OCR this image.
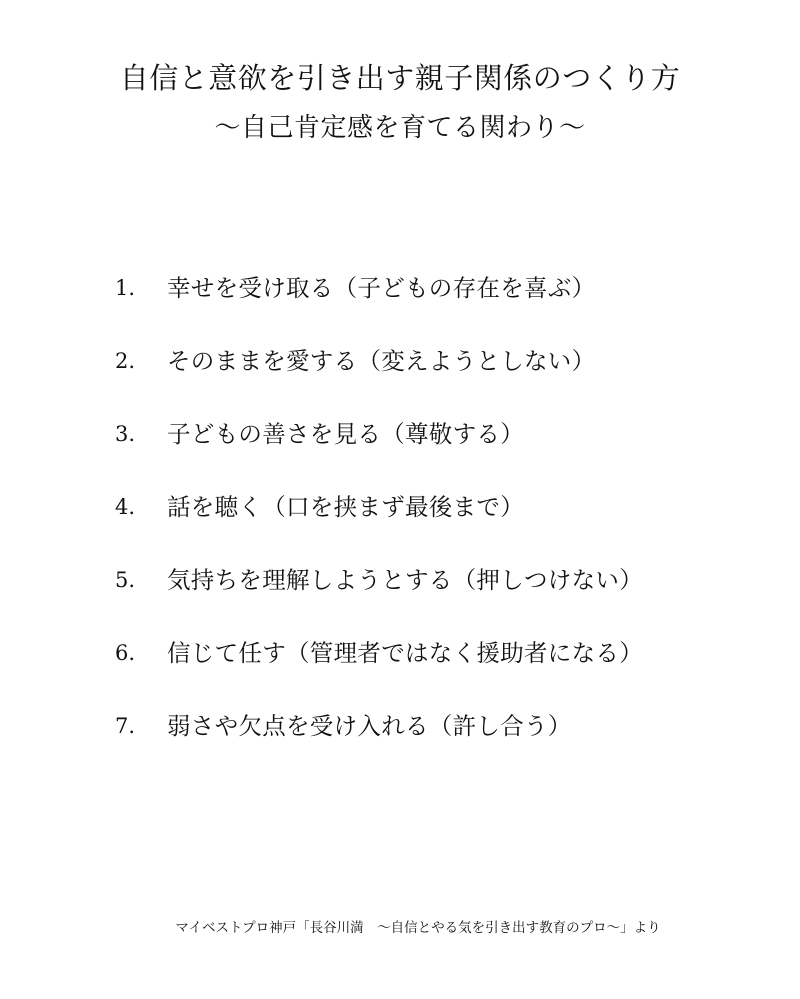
自信と意欲を引き出す親子関係のつくり方
〜自己肯定感を育てる関わり〜
1.	幸せを受け取る（子どもの存在を喜ぶ）
2.	そのままを愛する（変えようとしない）
3.	子どもの善さを見る（尊敬する）
4.	話を聴く（口を挟まず最後まで）
5.	気持ちを理解しようとする（押しつけない）
6.	信じて任す（管理者ではなく援助者になる）
7.	弱さや欠点を受け入れる（許し合う）
マイベストプロ神戸「長谷川満　〜自信とやる気を引き出す教育のプロ〜」より
